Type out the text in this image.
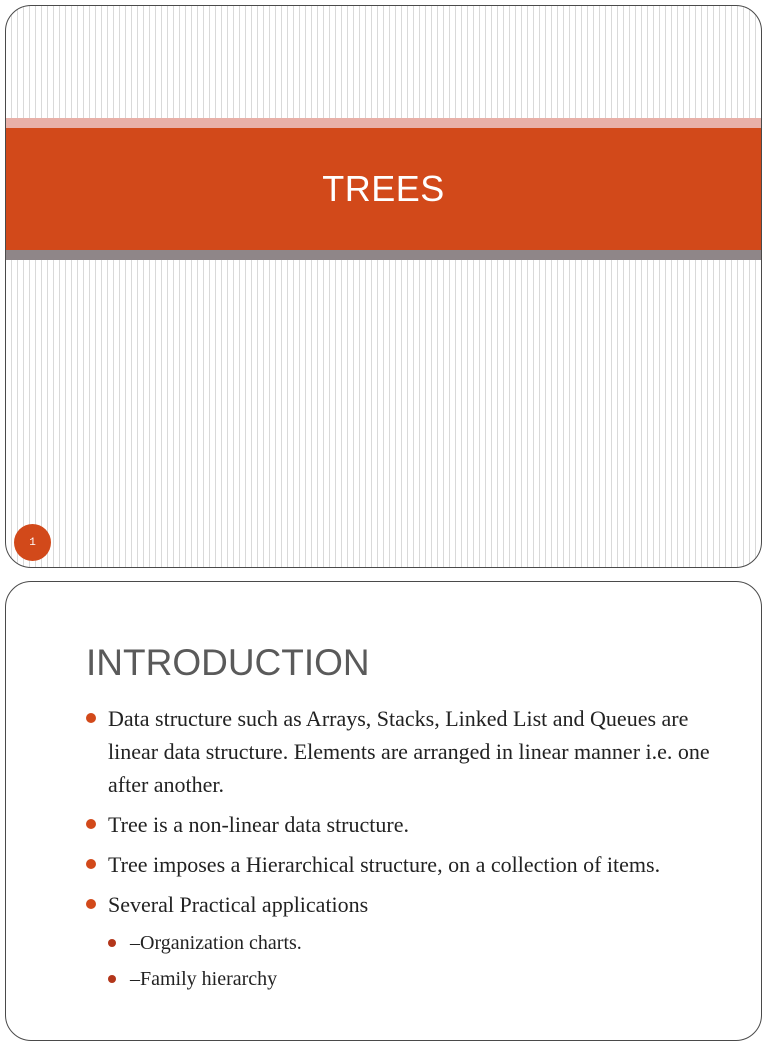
TREES
1
INTRODUCTION
Data structure such as Arrays, Stacks, Linked List and Queues are linear data structure. Elements are arranged in linear manner i.e. one after another.
Tree is a non-linear data structure.
Tree imposes a Hierarchical structure, on a collection of items.
Several Practical applications
–Organization charts.
–Family hierarchy
